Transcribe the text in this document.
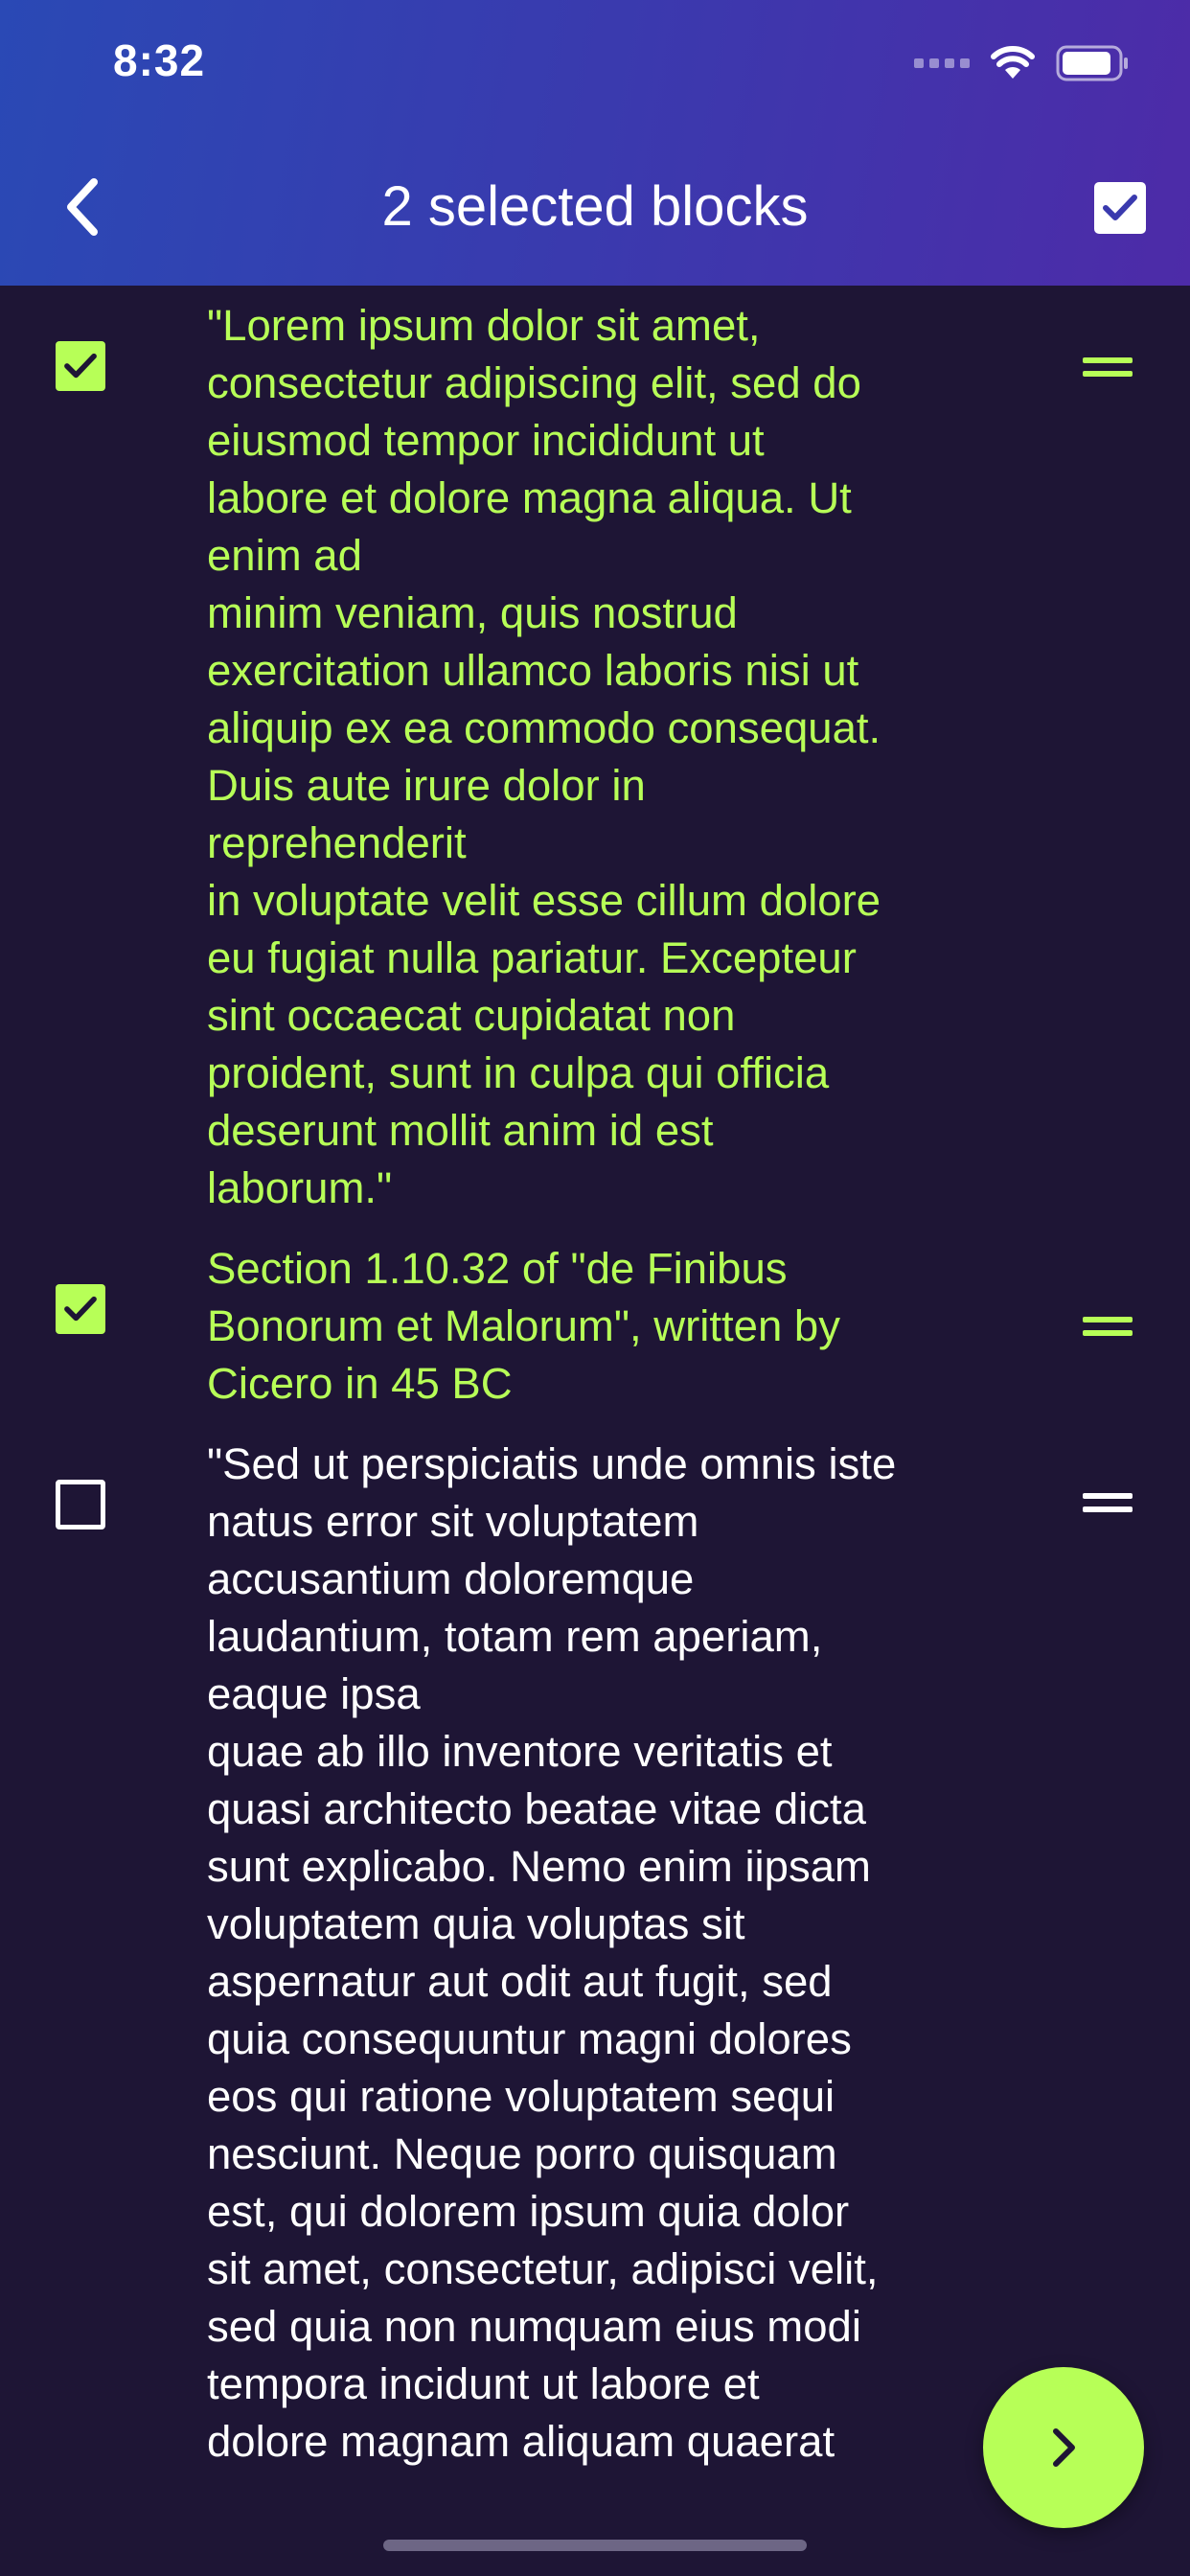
8:32
2 selected blocks
"Lorem ipsum dolor sit amet,
consectetur adipiscing elit, sed do
eiusmod tempor incididunt ut
labore et dolore magna aliqua. Ut
enim ad
minim veniam, quis nostrud
exercitation ullamco laboris nisi ut
aliquip ex ea commodo consequat.
Duis aute irure dolor in
reprehenderit
in voluptate velit esse cillum dolore
eu fugiat nulla pariatur. Excepteur
sint occaecat cupidatat non
proident, sunt in culpa qui officia
deserunt mollit anim id est
laborum."
Section 1.10.32 of "de Finibus
Bonorum et Malorum", written by
Cicero in 45 BC
"Sed ut perspiciatis unde omnis iste
natus error sit voluptatem
accusantium doloremque
laudantium, totam rem aperiam,
eaque ipsa
quae ab illo inventore veritatis et
quasi architecto beatae vitae dicta
sunt explicabo. Nemo enim iipsam
voluptatem quia voluptas sit
aspernatur aut odit aut fugit, sed
quia consequuntur magni dolores
eos qui ratione voluptatem sequi
nesciunt. Neque porro quisquam
est, qui dolorem ipsum quia dolor
sit amet, consectetur, adipisci velit,
sed quia non numquam eius modi
tempora incidunt ut labore et
dolore magnam aliquam quaerat
